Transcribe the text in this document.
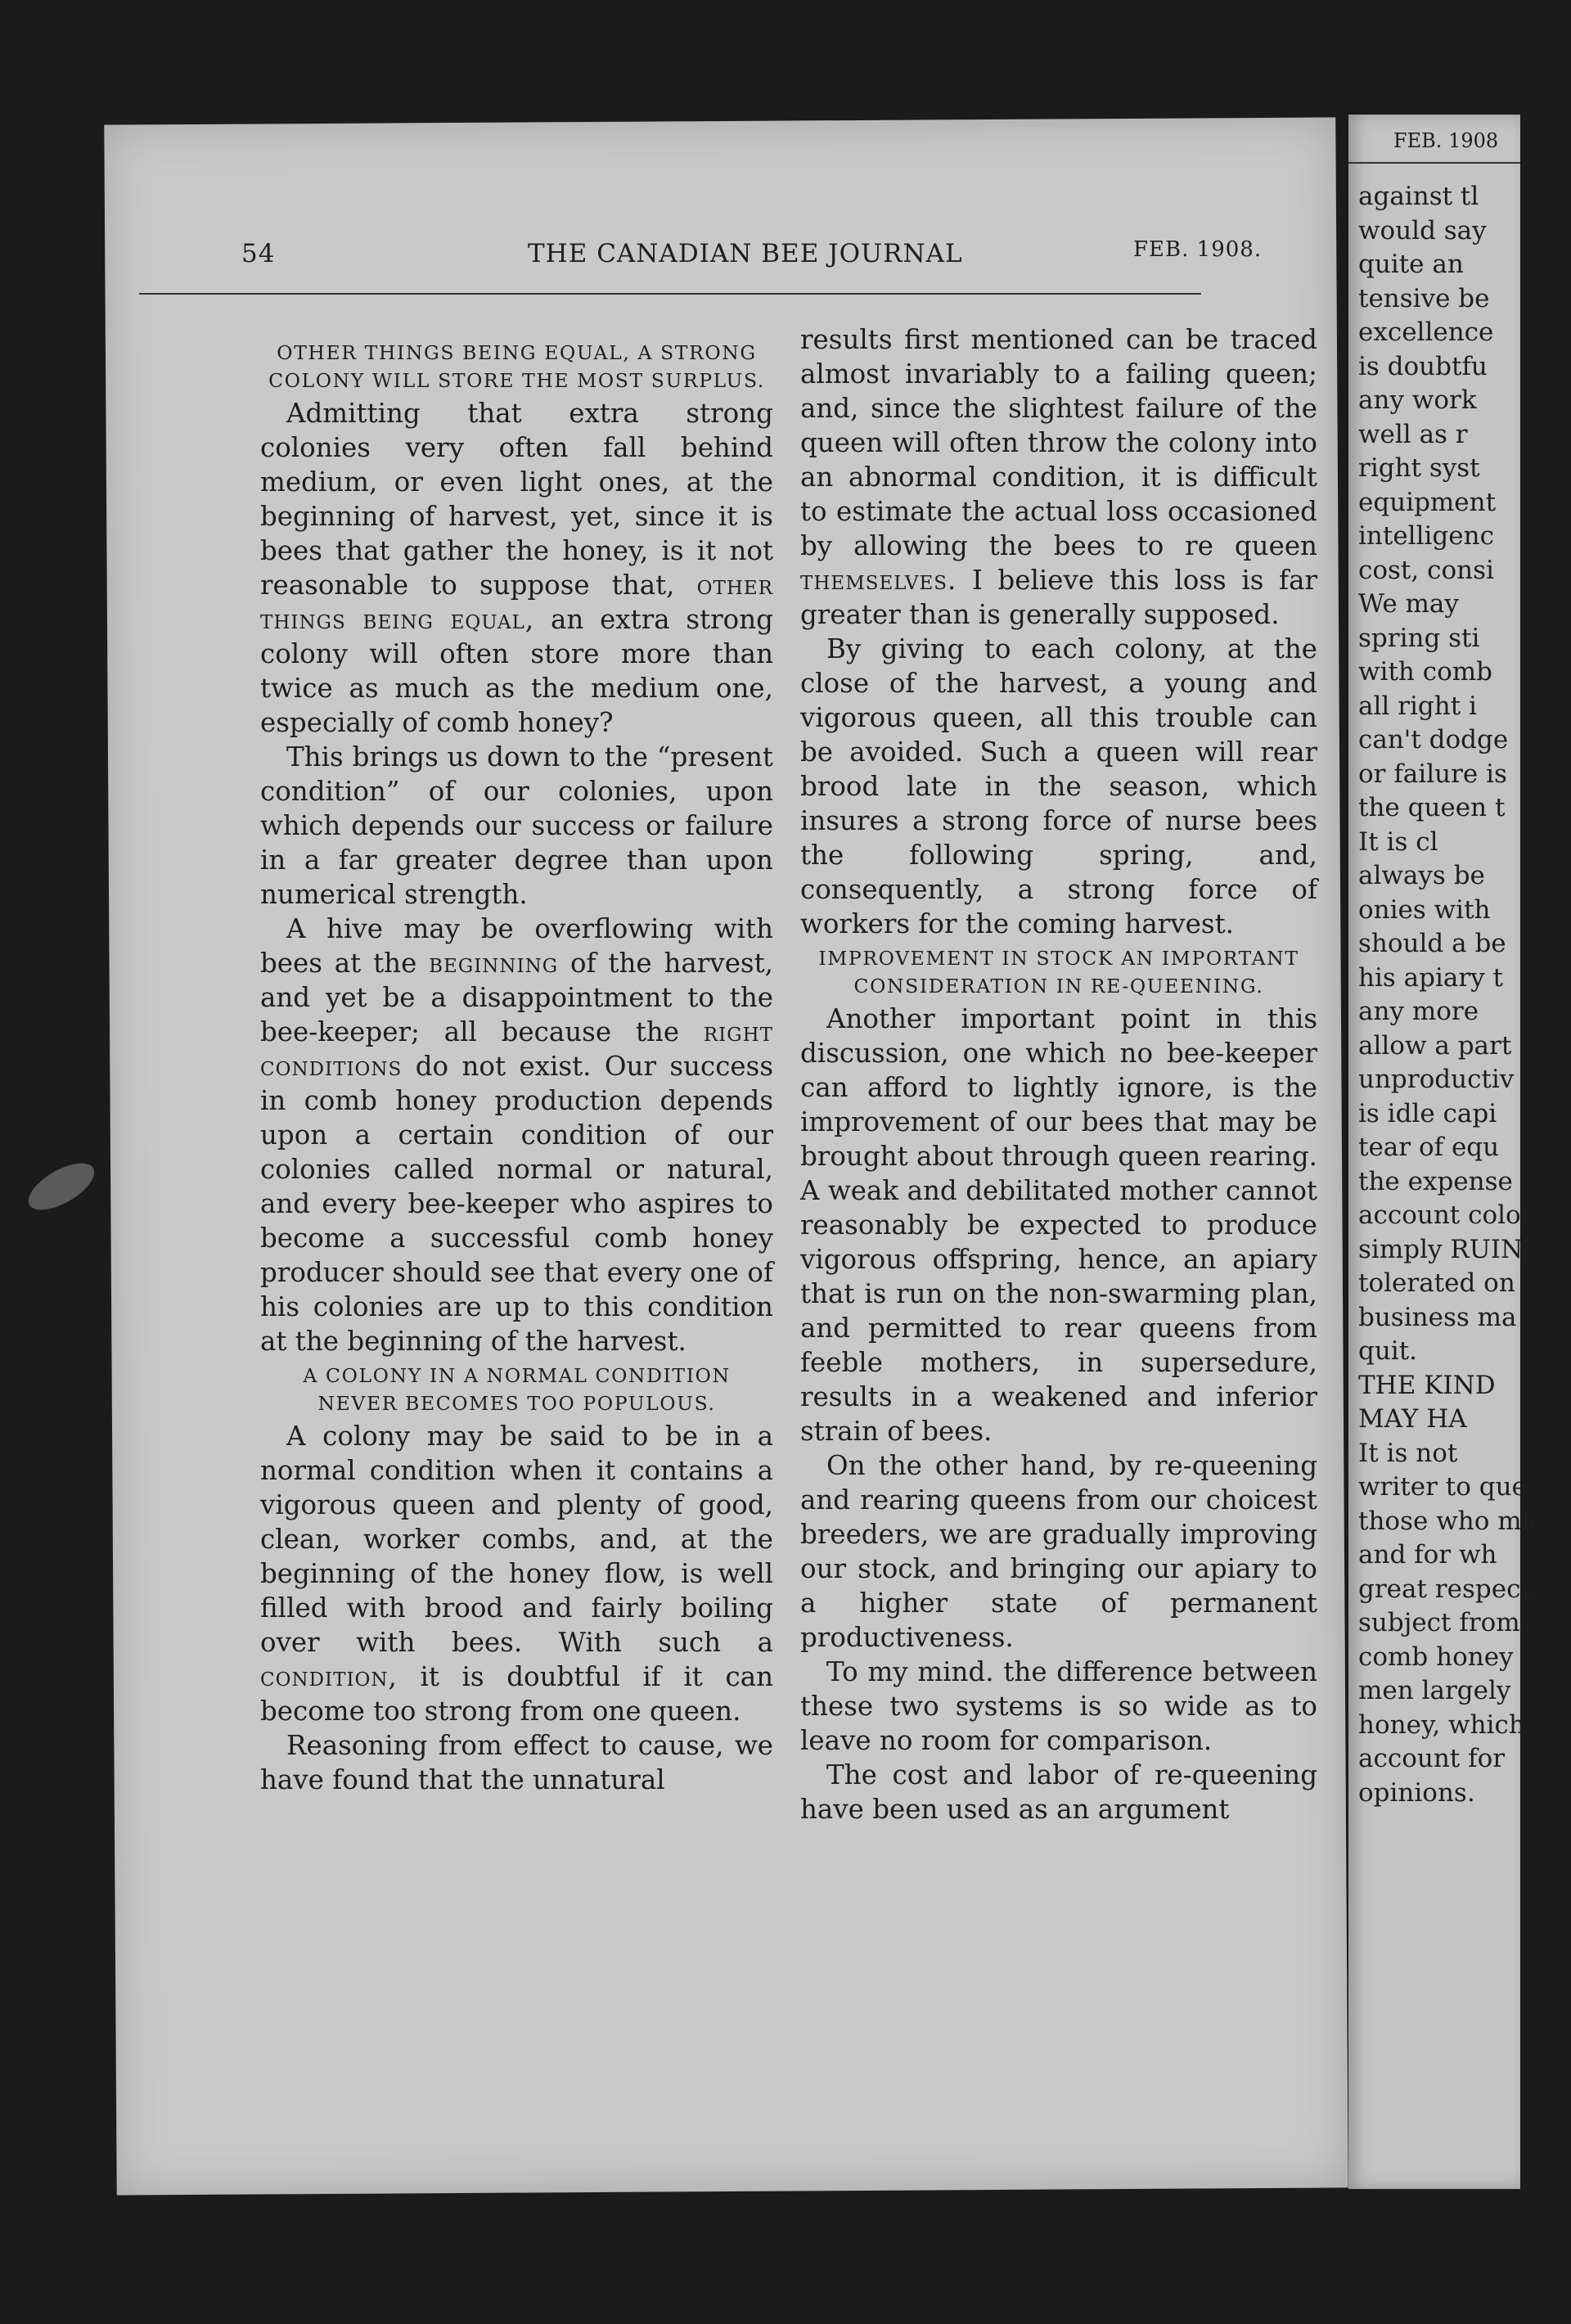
FEB. 1908
against tl
would say
quite an
tensive be
excellence
is doubtfu
any work
well as r
right syst
equipment
intelligenc
cost, consi
We may
spring sti
with comb
all right i
can't dodge
or failure is
the queen t
It is cl
always be
onies with
should a be
his apiary t
any more
allow a part
unproductiv
is idle capi
tear of equ
the expense
account colo
simply RUIN
tolerated on
business ma
quit.
THE KIND
MAY HA
It is not
writer to que
those who ma
and for wh
great respect,
subject from
comb honey
men largely
honey, which
account for
opinions.
54	THE CANADIAN BEE JOURNAL	FEB. 1908.
OTHER THINGS BEING EQUAL, A STRONG COLONY WILL STORE THE MOST SURPLUS.

Admitting that extra strong colonies very often fall behind medium, or even light ones, at the beginning of harvest, yet, since it is bees that gather the honey, is it not reasonable to suppose that, other things being equal, an extra strong colony will often store more than twice as much as the medium one, especially of comb honey?

This brings us down to the “present condition” of our colonies, upon which depends our success or failure in a far greater degree than upon numerical strength.

A hive may be overflowing with bees at the beginning of the harvest, and yet be a disappointment to the bee-keeper; all because the right conditions do not exist. Our success in comb honey production depends upon a certain condition of our colonies called normal or natural, and every bee-keeper who aspires to become a successful comb honey producer should see that every one of his colonies are up to this condition at the beginning of the harvest.

A COLONY IN A NORMAL CONDITION NEVER BECOMES TOO POPULOUS.

A colony may be said to be in a normal condition when it contains a vigorous queen and plenty of good, clean, worker combs, and, at the beginning of the honey flow, is well filled with brood and fairly boiling over with bees. With such a condition, it is doubtful if it can become too strong from one queen.

Reasoning from effect to cause, we have found that the unnatural

results first mentioned can be traced almost invariably to a failing queen; and, since the slightest failure of the queen will often throw the colony into an abnormal condition, it is difficult to estimate the actual loss occasioned by allowing the bees to re queen themselves. I believe this loss is far greater than is generally supposed.

By giving to each colony, at the close of the harvest, a young and vigorous queen, all this trouble can be avoided. Such a queen will rear brood late in the season, which insures a strong force of nurse bees the following spring, and, consequently, a strong force of workers for the coming harvest.

IMPROVEMENT IN STOCK AN IMPORTANT CONSIDERATION IN RE-QUEENING.

Another important point in this discussion, one which no bee-keeper can afford to lightly ignore, is the improvement of our bees that may be brought about through queen rearing. A weak and debilitated mother cannot reasonably be expected to produce vigorous offspring, hence, an apiary that is run on the non-swarming plan, and permitted to rear queens from feeble mothers, in supersedure, results in a weakened and inferior strain of bees.

On the other hand, by re-queening and rearing queens from our choicest breeders, we are gradually improving our stock, and bringing our apiary to a higher state of permanent productiveness.

To my mind. the difference between these two systems is so wide as to leave no room for comparison.

The cost and labor of re-queening have been used as an argument
